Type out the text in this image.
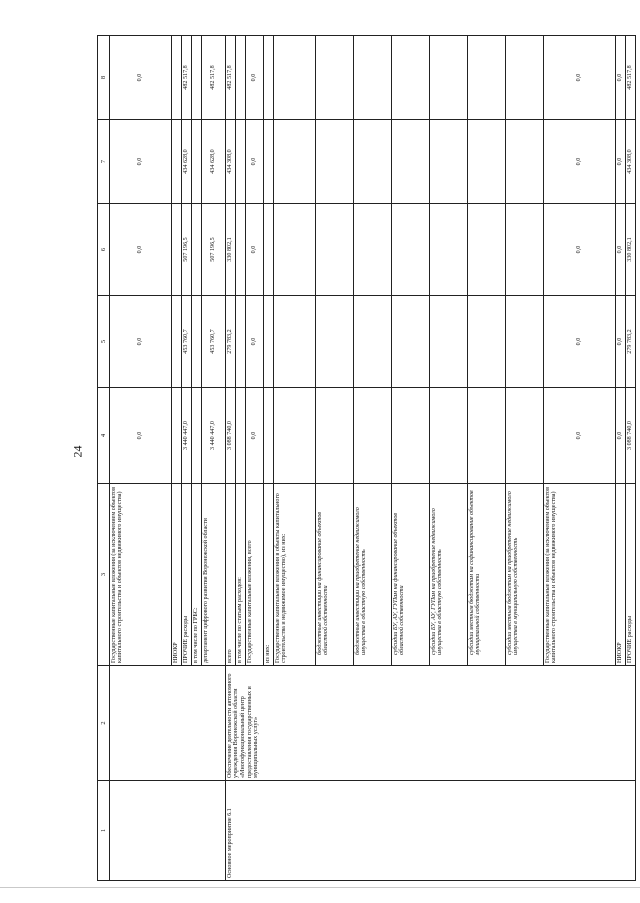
24
1	2	3	4	5	6	7	8
		Государственные капитальные вложения (за исключением объектов капитального строительства и объектов недвижимого имущества)	0,0	0,0	0,0	0,0	0,0
		НИОКР					
		ПРОЧИЕ расходы	3 440 447,0	453 760,7	507 196,5	434 628,0	482 517,8
		в том числе по ГРБС:					
		департамент цифрового развития Воронежской области	3 440 447,0	453 760,7	507 196,5	434 628,0	482 517,8
Основное мероприятие 6.1	Обеспечение деятельности автономного учреждения Воронежской области «Многофункциональный центр предоставления государственных и муниципальных услуг»	всего	3 088 740,0	279 783,2	330 802,1	434 308,0	482 517,8
		в том числе по статьям расходов:					
		Государственные капитальные вложения, всего	0,0	0,0	0,0	0,0	0,0
		из них:					
		Государственные капитальные вложения в объекты капитального строительства и недвижимое имущество), из них:					
		бюджетные инвестиции на финансирование объектов областной собственности					
		бюджетные инвестиции на приобретение недвижимого имущества в областную собственность					
		субсидии БУ, АУ, ГУПам на финансирование объектов областной собственности					
		субсидии БУ, АУ, ГУПам на приобретение недвижимого имущества в областную собственность					
		субсидии местным бюджетам на софинансирование объектов муниципальной собственности					
		субсидии местным бюджетам на приобретение недвижимого имущества в муниципальную собственность					
		Государственные капитальные вложения (за исключением объектов капитального строительства и объектов недвижимого имущества)	0,0	0,0	0,0	0,0	0,0
		НИОКР	0,0	0,0	0,0	0,0	0,0
		ПРОЧИЕ расходы	3 088 740,0	279 783,2	330 802,1	434 308,0	482 517,8
